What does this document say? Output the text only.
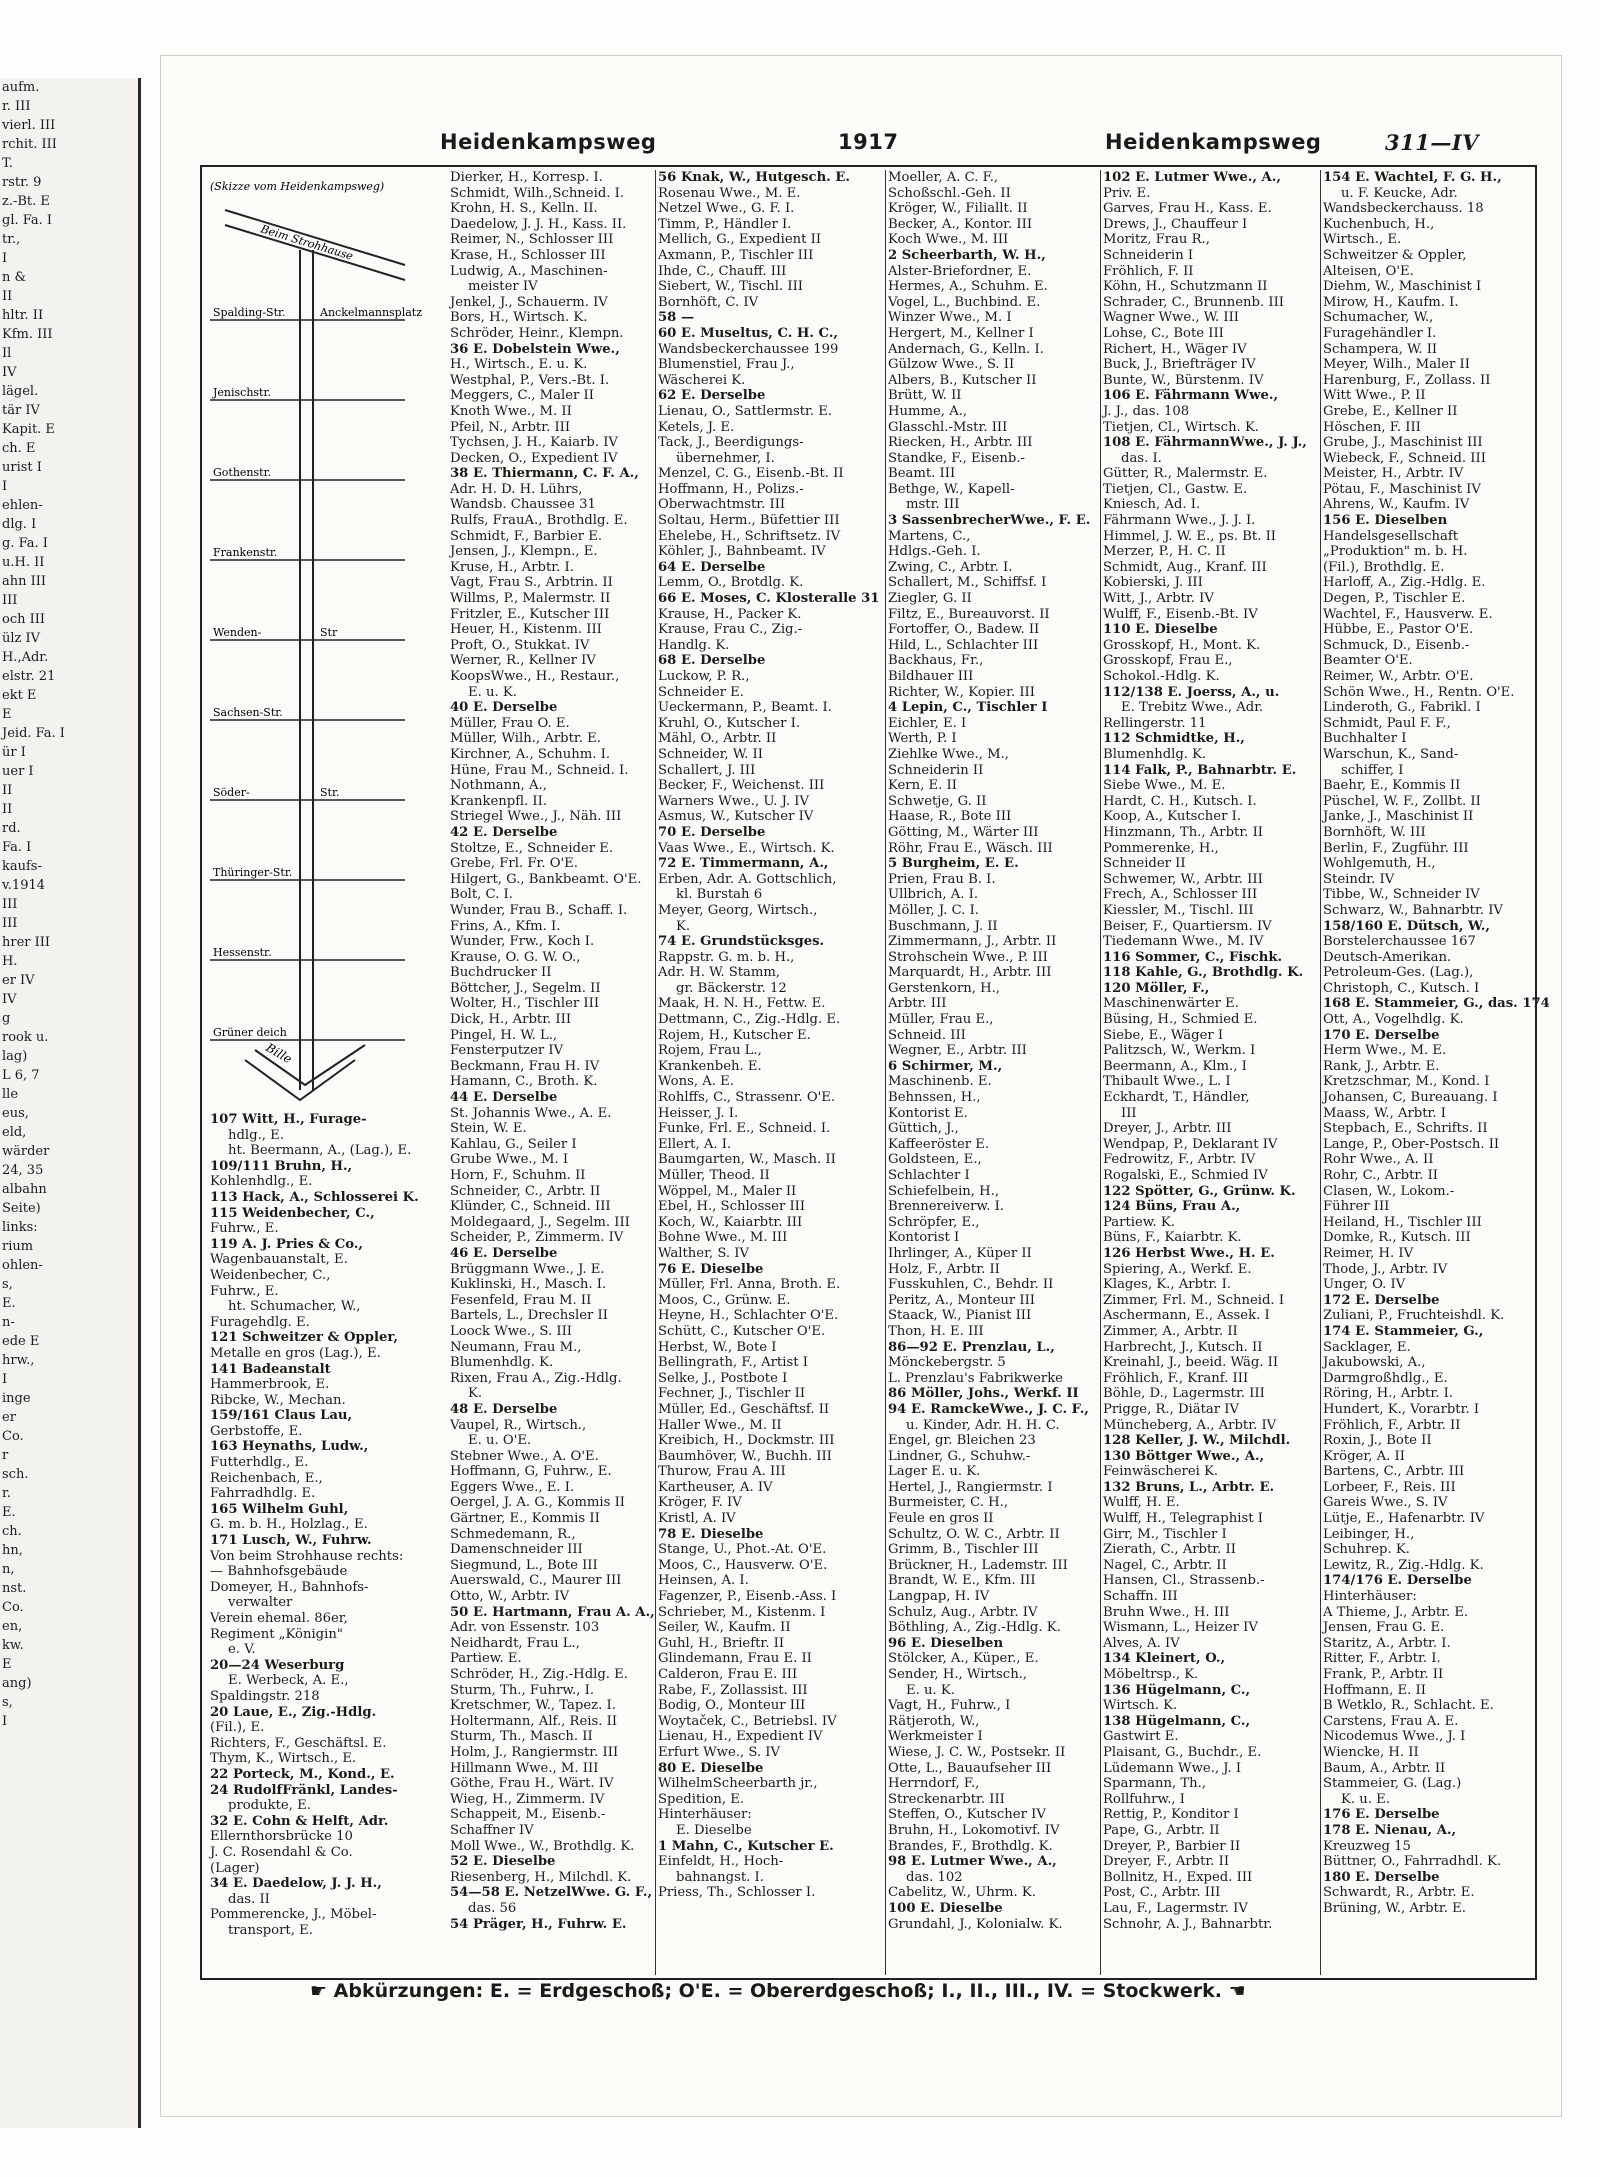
aufm.
r. III
vierl. III
rchit. III
T.
rstr. 9
z.-Bt. E
gl. Fa. I
tr.,
I
n &
II
hltr. II
Kfm. III
Il
IV
lägel.
tär IV
Kapit. E
ch. E
urist I
I
ehlen-
dlg. I
g. Fa. I
u.H. II
ahn III
III
och III
ülz IV
H.,Adr.
elstr. 21
ekt E
E
Jeid. Fa. I
ür I
uer I
II
II
rd.
Fa. I
kaufs-
v.1914
III
III
hrer III
H.
er IV
IV
g
rook u.
lag)
L 6, 7
lle
eus,
eld,
wärder
24, 35
albahn
Seite)
links:
rium
ohlen-
s,
E.
n-
ede E
hrw.,
I
inge
er
Co.
r
sch.
r.
E.
ch.
hn,
n,
nst.
Co.
en,
kw.
E
ang)
s,
I
Heidenkampsweg	1917	Heidenkampsweg	311—IV
Spalding-Str.	Anckelmannsplatz
Jenischstr.
Gothenstr.
Frankenstr.
Wenden-	Str
Sachsen-Str.
Söder-	Str.
Thüringer-Str.
Hessenstr.
Grüner deich
(Skizze vom Heidenkampsweg)
Beim Strohhause
Bille
107 Witt, H., Furage-
hdlg., E.
ht. Beermann, A., (Lag.), E.
109/111 Bruhn, H.,
Kohlenhdlg., E.
113 Hack, A., Schlosserei K.
115 Weidenbecher, C.,
Fuhrw., E.
119 A. J. Pries & Co.,
Wagenbauanstalt, E.
Weidenbecher, C.,
Fuhrw., E.
ht. Schumacher, W.,
Furagehdlg. E.
121 Schweitzer & Oppler,
Metalle en gros (Lag.), E.
141 Badeanstalt
Hammerbrook, E.
Ribcke, W., Mechan.
159/161 Claus Lau,
Gerbstoffe, E.
163 Heynaths, Ludw.,
Futterhdlg., E.
Reichenbach, E.,
Fahrradhdlg. E.
165 Wilhelm Guhl,
G. m. b. H., Holzlag., E.
171 Lusch, W., Fuhrw.
Von beim Strohhause rechts:
— Bahnhofsgebäude
Domeyer, H., Bahnhofs-
verwalter
Verein ehemal. 86er,
Regiment „Königin"
e. V.
20—24 Weserburg
E. Werbeck, A. E.,
Spaldingstr. 218
20 Laue, E., Zig.-Hdlg.
(Fil.), E.
Richters, F., Geschäftsl. E.
Thym, K., Wirtsch., E.
22 Porteck, M., Kond., E.
24 RudolfFränkl, Landes-
produkte, E.
32 E. Cohn & Helft, Adr.
Ellernthorsbrücke 10
J. C. Rosendahl & Co.
(Lager)
34 E. Daedelow, J. J. H.,
das. II
Pommerencke, J., Möbel-
transport, E.
Dierker, H., Korresp. I.
Schmidt, Wilh.,Schneid. I.
Krohn, H. S., Kelln. II.
Daedelow, J. J. H., Kass. II.
Reimer, N., Schlosser III
Krase, H., Schlosser III
Ludwig, A., Maschinen-
meister IV
Jenkel, J., Schauerm. IV
Bors, H., Wirtsch. K.
Schröder, Heinr., Klempn.
36 E. Dobelstein Wwe.,
H., Wirtsch., E. u. K.
Westphal, P., Vers.-Bt. I.
Meggers, C., Maler II
Knoth Wwe., M. II
Pfeil, N., Arbtr. III
Tychsen, J. H., Kaiarb. IV
Decken, O., Expedient IV
38 E. Thiermann, C. F. A.,
Adr. H. D. H. Lührs,
Wandsb. Chaussee 31
Rulfs, FrauA., Brothdlg. E.
Schmidt, F., Barbier E.
Jensen, J., Klempn., E.
Kruse, H., Arbtr. I.
Vagt, Frau S., Arbtrin. II
Willms, P., Malermstr. II
Fritzler, E., Kutscher III
Heuer, H., Kistenm. III
Proft, O., Stukkat. IV
Werner, R., Kellner IV
KoopsWwe., H., Restaur.,
E. u. K.
40 E. Derselbe
Müller, Frau O. E.
Müller, Wilh., Arbtr. E.
Kirchner, A., Schuhm. I.
Hüne, Frau M., Schneid. I.
Nothmann, A.,
Krankenpfl. II.
Striegel Wwe., J., Näh. III
42 E. Derselbe
Stoltze, E., Schneider E.
Grebe, Frl. Fr. O'E.
Hilgert, G., Bankbeamt. O'E.
Bolt, C. I.
Wunder, Frau B., Schaff. I.
Frins, A., Kfm. I.
Wunder, Frw., Koch I.
Krause, O. G. W. O.,
Buchdrucker II
Böttcher, J., Segelm. II
Wolter, H., Tischler III
Dick, H., Arbtr. III
Pingel, H. W. L.,
Fensterputzer IV
Beckmann, Frau H. IV
Hamann, C., Broth. K.
44 E. Derselbe
St. Johannis Wwe., A. E.
Stein, W. E.
Kahlau, G., Seiler I
Grube Wwe., M. I
Horn, F., Schuhm. II
Schneider, C., Arbtr. II
Klünder, C., Schneid. III
Moldegaard, J., Segelm. III
Scheider, P., Zimmerm. IV
46 E. Derselbe
Brüggmann Wwe., J. E.
Kuklinski, H., Masch. I.
Fesenfeld, Frau M. II
Bartels, L., Drechsler II
Loock Wwe., S. III
Neumann, Frau M.,
Blumenhdlg. K.
Rixen, Frau A., Zig.-Hdlg.
K.
48 E. Derselbe
Vaupel, R., Wirtsch.,
E. u. O'E.
Stebner Wwe., A. O'E.
Hoffmann, G, Fuhrw., E.
Eggers Wwe., E. I.
Oergel, J. A. G., Kommis II
Gärtner, E., Kommis II
Schmedemann, R.,
Damenschneider III
Siegmund, L., Bote III
Auerswald, C., Maurer III
Otto, W., Arbtr. IV
50 E. Hartmann, Frau A. A.,
Adr. von Essenstr. 103
Neidhardt, Frau L.,
Partiew. E.
Schröder, H., Zig.-Hdlg. E.
Sturm, Th., Fuhrw., I.
Kretschmer, W., Tapez. I.
Holtermann, Alf., Reis. II
Sturm, Th., Masch. II
Holm, J., Rangiermstr. III
Hillmann Wwe., M. III
Göthe, Frau H., Wärt. IV
Wieg, H., Zimmerm. IV
Schappeit, M., Eisenb.-
Schaffner IV
Moll Wwe., W., Brothdlg. K.
52 E. Dieselbe
Riesenberg, H., Milchdl. K.
54—58 E. NetzelWwe. G. F.,
das. 56
54 Präger, H., Fuhrw. E.
56 Knak, W., Hutgesch. E.
Rosenau Wwe., M. E.
Netzel Wwe., G. F. I.
Timm, P., Händler I.
Mellich, G., Expedient II
Axmann, P., Tischler III
Ihde, C., Chauff. III
Siebert, W., Tischl. III
Bornhöft, C. IV
58 —
60 E. Museltus, C. H. C.,
Wandsbeckerchaussee 199
Blumenstiel, Frau J.,
Wäscherei K.
62 E. Derselbe
Lienau, O., Sattlermstr. E.
Ketels, J. E.
Tack, J., Beerdigungs-
übernehmer, I.
Menzel, C. G., Eisenb.-Bt. II
Hoffmann, H., Polizs.-
Oberwachtmstr. III
Soltau, Herm., Büfettier III
Ehelebe, H., Schriftsetz. IV
Köhler, J., Bahnbeamt. IV
64 E. Derselbe
Lemm, O., Brotdlg. K.
66 E. Moses, C. Klosteralle 31
Krause, H., Packer K.
Krause, Frau C., Zig.-
Handlg. K.
68 E. Derselbe
Luckow, P. R.,
Schneider E.
Ueckermann, P., Beamt. I.
Kruhl, O., Kutscher I.
Mähl, O., Arbtr. II
Schneider, W. II
Schallert, J. III
Becker, F., Weichenst. III
Warners Wwe., U. J. IV
Asmus, W., Kutscher IV
70 E. Derselbe
Vaas Wwe., E., Wirtsch. K.
72 E. Timmermann, A.,
Erben, Adr. A. Gottschlich,
kl. Burstah 6
Meyer, Georg, Wirtsch.,
K.
74 E. Grundstücksges.
Rappstr. G. m. b. H.,
Adr. H. W. Stamm,
gr. Bäckerstr. 12
Maak, H. N. H., Fettw. E.
Dettmann, C., Zig.-Hdlg. E.
Rojem, H., Kutscher E.
Rojem, Frau L.,
Krankenbeh. E.
Wons, A. E.
Rohlffs, C., Strassenr. O'E.
Heisser, J. I.
Funke, Frl. E., Schneid. I.
Ellert, A. I.
Baumgarten, W., Masch. II
Müller, Theod. II
Wöppel, M., Maler II
Ebel, H., Schlosser III
Koch, W., Kaiarbtr. III
Bohne Wwe., M. III
Walther, S. IV
76 E. Dieselbe
Müller, Frl. Anna, Broth. E.
Moos, C., Grünw. E.
Heyne, H., Schlachter O'E.
Schütt, C., Kutscher O'E.
Herbst, W., Bote I
Bellingrath, F., Artist I
Selke, J., Postbote I
Fechner, J., Tischler II
Müller, Ed., Geschäftsf. II
Haller Wwe., M. II
Kreibich, H., Dockmstr. III
Baumhöver, W., Buchh. III
Thurow, Frau A. III
Kartheuser, A. IV
Kröger, F. IV
Kristl, A. IV
78 E. Dieselbe
Stange, U., Phot.-At. O'E.
Moos, C., Hausverw. O'E.
Heinsen, A. I.
Fagenzer, P., Eisenb.-Ass. I
Schrieber, M., Kistenm. I
Seiler, W., Kaufm. II
Guhl, H., Brieftr. II
Glindemann, Frau E. II
Calderon, Frau E. III
Rabe, F., Zollassist. III
Bodig, O., Monteur III
Woytaček, C., Betriebsl. IV
Lienau, H., Expedient IV
Erfurt Wwe., S. IV
80 E. Dieselbe
WilhelmScheerbarth jr.,
Spedition, E.
Hinterhäuser:
E. Dieselbe
1 Mahn, C., Kutscher E.
Einfeldt, H., Hoch-
bahnangst. I.
Priess, Th., Schlosser I.
Moeller, A. C. F.,
Schoßschl.-Geh. II
Kröger, W., Filiallt. II
Becker, A., Kontor. III
Koch Wwe., M. III
2 Scheerbarth, W. H.,
Alster-Briefordner, E.
Hermes, A., Schuhm. E.
Vogel, L., Buchbind. E.
Winzer Wwe., M. I
Hergert, M., Kellner I
Andernach, G., Kelln. I.
Gülzow Wwe., S. II
Albers, B., Kutscher II
Brütt, W. II
Humme, A.,
Glasschl.-Mstr. III
Riecken, H., Arbtr. III
Standke, F., Eisenb.-
Beamt. III
Bethge, W., Kapell-
mstr. III
3 SassenbrecherWwe., F. E.
Martens, C.,
Hdlgs.-Geh. I.
Zwing, C., Arbtr. I.
Schallert, M., Schiffsf. I
Ziegler, G. II
Filtz, E., Bureauvorst. II
Fortoffer, O., Badew. II
Hild, L., Schlachter III
Backhaus, Fr.,
Bildhauer III
Richter, W., Kopier. III
4 Lepin, C., Tischler I
Eichler, E. I
Werth, P. I
Ziehlke Wwe., M.,
Schneiderin II
Kern, E. II
Schwetje, G. II
Haase, R., Bote III
Götting, M., Wärter III
Röhr, Frau E., Wäsch. III
5 Burgheim, E. E.
Prien, Frau B. I.
Ullbrich, A. I.
Möller, J. C. I.
Buschmann, J. II
Zimmermann, J., Arbtr. II
Strohschein Wwe., P. III
Marquardt, H., Arbtr. III
Gerstenkorn, H.,
Arbtr. III
Müller, Frau E.,
Schneid. III
Wegner, E., Arbtr. III
6 Schirmer, M.,
Maschinenb. E.
Behnssen, H.,
Kontorist E.
Güttich, J.,
Kaffeeröster E.
Goldsteen, E.,
Schlachter I
Schiefelbein, H.,
Brennereiverw. I.
Schröpfer, E.,
Kontorist I
Ihrlinger, A., Küper II
Holz, F., Arbtr. II
Fusskuhlen, C., Behdr. II
Peritz, A., Monteur III
Staack, W., Pianist III
Thon, H. E. III
86—92 E. Prenzlau, L.,
Mönckebergstr. 5
L. Prenzlau's Fabrikwerke
86 Möller, Johs., Werkf. II
94 E. RamckeWwe., J. C. F.,
u. Kinder, Adr. H. H. C.
Engel, gr. Bleichen 23
Lindner, G., Schuhw.-
Lager E. u. K.
Hertel, J., Rangiermstr. I
Burmeister, C. H.,
Feule en gros II
Schultz, O. W. C., Arbtr. II
Grimm, B., Tischler III
Brückner, H., Lademstr. III
Brandt, W. E., Kfm. III
Langpap, H. IV
Schulz, Aug., Arbtr. IV
Böthling, A., Zig.-Hdlg. K.
96 E. Dieselben
Stölcker, A., Küper., E.
Sender, H., Wirtsch.,
E. u. K.
Vagt, H., Fuhrw., I
Rätjeroth, W.,
Werkmeister I
Wiese, J. C. W., Postsekr. II
Otte, L., Bauaufseher III
Herrndorf, F.,
Streckenarbtr. III
Steffen, O., Kutscher IV
Bruhn, H., Lokomotivf. IV
Brandes, F., Brothdlg. K.
98 E. Lutmer Wwe., A.,
das. 102
Cabelitz, W., Uhrm. K.
100 E. Dieselbe
Grundahl, J., Kolonialw. K.
102 E. Lutmer Wwe., A.,
Priv. E.
Garves, Frau H., Kass. E.
Drews, J., Chauffeur I
Moritz, Frau R.,
Schneiderin I
Fröhlich, F. II
Köhn, H., Schutzmann II
Schrader, C., Brunnenb. III
Wagner Wwe., W. III
Lohse, C., Bote III
Richert, H., Wäger IV
Buck, J., Briefträger IV
Bunte, W., Bürstenm. IV
106 E. Fährmann Wwe.,
J. J., das. 108
Tietjen, Cl., Wirtsch. K.
108 E. FährmannWwe., J. J.,
das. I.
Gütter, R., Malermstr. E.
Tietjen, Cl., Gastw. E.
Kniesch, Ad. I.
Fährmann Wwe., J. J. I.
Himmel, J. W. E., ps. Bt. II
Merzer, P., H. C. II
Schmidt, Aug., Kranf. III
Kobierski, J. III
Witt, J., Arbtr. IV
Wulff, F., Eisenb.-Bt. IV
110 E. Dieselbe
Grosskopf, H., Mont. K.
Grosskopf, Frau E.,
Schokol.-Hdlg. K.
112/138 E. Joerss, A., u.
E. Trebitz Wwe., Adr.
Rellingerstr. 11
112 Schmidtke, H.,
Blumenhdlg. K.
114 Falk, P., Bahnarbtr. E.
Siebe Wwe., M. E.
Hardt, C. H., Kutsch. I.
Koop, A., Kutscher I.
Hinzmann, Th., Arbtr. II
Pommerenke, H.,
Schneider II
Schwemer, W., Arbtr. III
Frech, A., Schlosser III
Kiessler, M., Tischl. III
Beiser, F., Quartiersm. IV
Tiedemann Wwe., M. IV
116 Sommer, C., Fischk.
118 Kahle, G., Brothdlg. K.
120 Möller, F.,
Maschinenwärter E.
Büsing, H., Schmied E.
Siebe, E., Wäger I
Palitzsch, W., Werkm. I
Beermann, A., Klm., I
Thibault Wwe., L. I
Eckhardt, T., Händler,
III
Dreyer, J., Arbtr. III
Wendpap, P., Deklarant IV
Fedrowitz, F., Arbtr. IV
Rogalski, E., Schmied IV
122 Spötter, G., Grünw. K.
124 Büns, Frau A.,
Partiew. K.
Büns, F., Kaiarbtr. K.
126 Herbst Wwe., H. E.
Spiering, A., Werkf. E.
Klages, K., Arbtr. I.
Zimmer, Frl. M., Schneid. I
Aschermann, E., Assek. I
Zimmer, A., Arbtr. II
Harbrecht, J., Kutsch. II
Kreinahl, J., beeid. Wäg. II
Fröhlich, F., Kranf. III
Böhle, D., Lagermstr. III
Prigge, R., Diätar IV
Müncheberg, A., Arbtr. IV
128 Keller, J. W., Milchdl.
130 Böttger Wwe., A.,
Feinwäscherei K.
132 Bruns, L., Arbtr. E.
Wulff, H. E.
Wulff, H., Telegraphist I
Girr, M., Tischler I
Zierath, C., Arbtr. II
Nagel, C., Arbtr. II
Hansen, Cl., Strassenb.-
Schaffn. III
Bruhn Wwe., H. III
Wismann, L., Heizer IV
Alves, A. IV
134 Kleinert, O.,
Möbeltrsp., K.
136 Hügelmann, C.,
Wirtsch. K.
138 Hügelmann, C.,
Gastwirt E.
Plaisant, G., Buchdr., E.
Lüdemann Wwe., J. I
Sparmann, Th.,
Rollfuhrw., I
Rettig, P., Konditor I
Pape, G., Arbtr. II
Dreyer, P., Barbier II
Dreyer, F., Arbtr. II
Bollnitz, H., Exped. III
Post, C., Arbtr. III
Lau, F., Lagermstr. IV
Schnohr, A. J., Bahnarbtr.
154 E. Wachtel, F. G. H.,
u. F. Keucke, Adr.
Wandsbeckerchauss. 18
Kuchenbuch, H.,
Wirtsch., E.
Schweitzer & Oppler,
Alteisen, O'E.
Diehm, W., Maschinist I
Mirow, H., Kaufm. I.
Schumacher, W.,
Furagehändler I.
Schampera, W. II
Meyer, Wilh., Maler II
Harenburg, F., Zollass. II
Witt Wwe., P. II
Grebe, E., Kellner II
Höschen, F. III
Grube, J., Maschinist III
Wiebeck, F., Schneid. III
Meister, H., Arbtr. IV
Pötau, F., Maschinist IV
Ahrens, W., Kaufm. IV
156 E. Dieselben
Handelsgesellschaft
„Produktion" m. b. H.
(Fil.), Brothdlg. E.
Harloff, A., Zig.-Hdlg. E.
Degen, P., Tischler E.
Wachtel, F., Hausverw. E.
Hübbe, E., Pastor O'E.
Schmuck, D., Eisenb.-
Beamter O'E.
Reimer, W., Arbtr. O'E.
Schön Wwe., H., Rentn. O'E.
Linderoth, G., Fabrikl. I
Schmidt, Paul F. F.,
Buchhalter I
Warschun, K., Sand-
schiffer, I
Baehr, E., Kommis II
Püschel, W. F., Zollbt. II
Janke, J., Maschinist II
Bornhöft, W. III
Berlin, F., Zugführ. III
Wohlgemuth, H.,
Steindr. IV
Tibbe, W., Schneider IV
Schwarz, W., Bahnarbtr. IV
158/160 E. Dütsch, W.,
Borstelerchaussee 167
Deutsch-Amerikan.
Petroleum-Ges. (Lag.),
Christoph, C., Kutsch. I
168 E. Stammeier, G., das. 174
Ott, A., Vogelhdlg. K.
170 E. Derselbe
Herm Wwe., M. E.
Rank, J., Arbtr. E.
Kretzschmar, M., Kond. I
Johansen, C, Bureauang. I
Maass, W., Arbtr. I
Stepbach, E., Schrifts. II
Lange, P., Ober-Postsch. II
Rohr Wwe., A. II
Rohr, C., Arbtr. II
Clasen, W., Lokom.-
Führer III
Heiland, H., Tischler III
Domke, R., Kutsch. III
Reimer, H. IV
Thode, J., Arbtr. IV
Unger, O. IV
172 E. Derselbe
Zuliani, P., Fruchteishdl. K.
174 E. Stammeier, G.,
Sacklager, E.
Jakubowski, A.,
Darmgroßhdlg., E.
Röring, H., Arbtr. I.
Hundert, K., Vorarbtr. I
Fröhlich, F., Arbtr. II
Roxin, J., Bote II
Kröger, A. II
Bartens, C., Arbtr. III
Lorbeer, F., Reis. III
Gareis Wwe., S. IV
Lütje, E., Hafenarbtr. IV
Leibinger, H.,
Schuhrep. K.
Lewitz, R., Zig.-Hdlg. K.
174/176 E. Derselbe
Hinterhäuser:
A Thieme, J., Arbtr. E.
Jensen, Frau G. E.
Staritz, A., Arbtr. I.
Ritter, F., Arbtr. I.
Frank, P., Arbtr. II
Hoffmann, E. II
B Wetklo, R., Schlacht. E.
Carstens, Frau A. E.
Nicodemus Wwe., J. I
Wiencke, H. II
Baum, A., Arbtr. II
Stammeier, G. (Lag.)
K. u. E.
176 E. Derselbe
178 E. Nienau, A.,
Kreuzweg 15
Büttner, O., Fahrradhdl. K.
180 E. Derselbe
Schwardt, R., Arbtr. E.
Brüning, W., Arbtr. E.
☛ Abkürzungen: E. = Erdgeschoß; O'E. = Obererdgeschoß; I., II., III., IV. = Stockwerk. ☚
